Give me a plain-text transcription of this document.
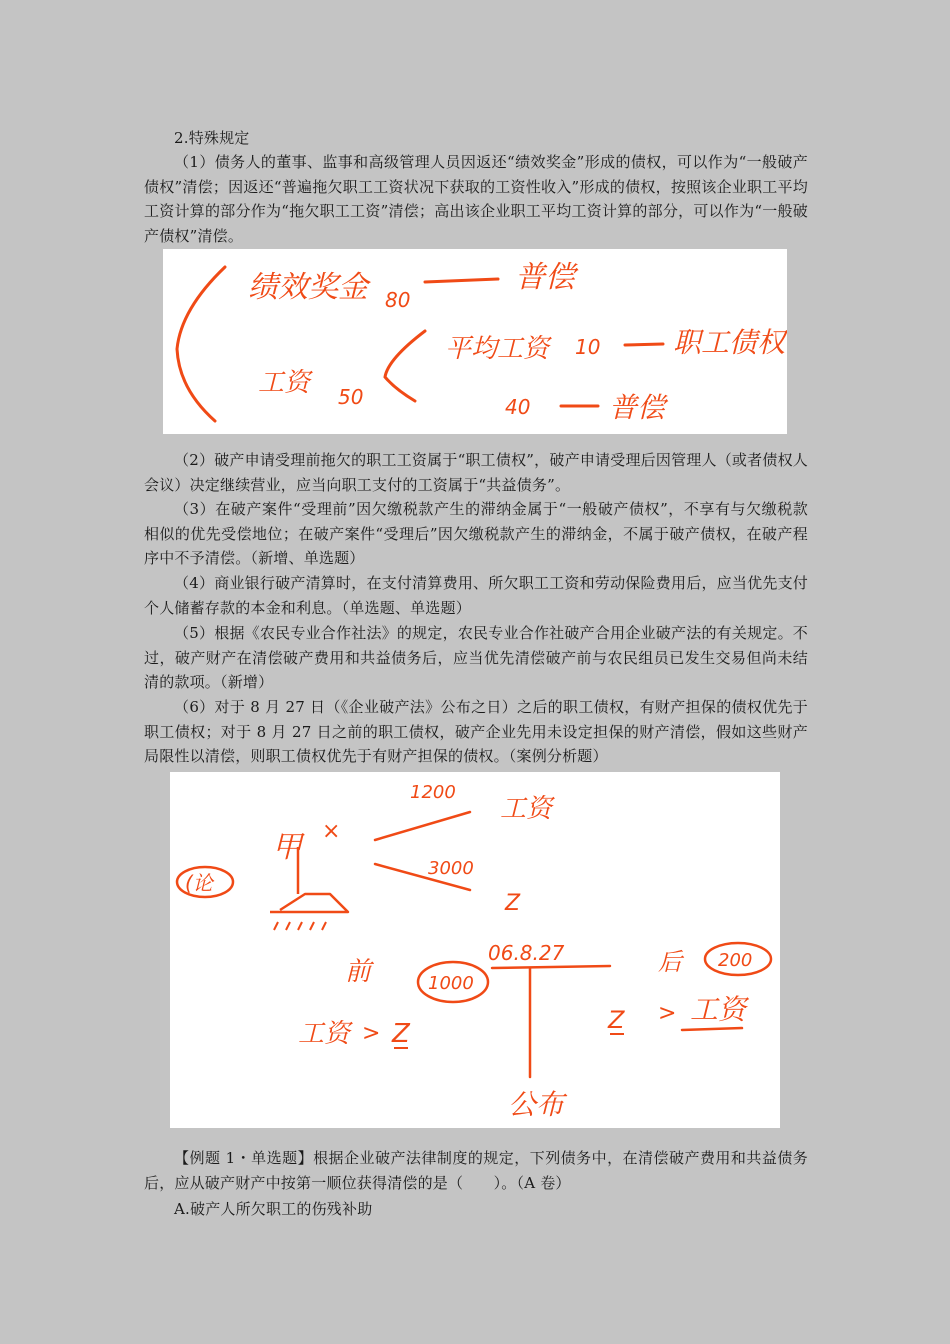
2.特殊规定
（1）债务人的董事、监事和高级管理人员因返还“绩效奖金”形成的债权，可以作为“一般破产债权”清偿；因返还“普遍拖欠职工工资状况下获取的工资性收入”形成的债权，按照该企业职工平均工资计算的部分作为“拖欠职工工资”清偿；高出该企业职工平均工资计算的部分，可以作为“一般破产债权”清偿。
绩效奖金 80
普偿
工资 50
平均工资 10	职工债权
40	普偿
（2）破产申请受理前拖欠的职工工资属于“职工债权”，破产申请受理后因管理人（或者债权人会议）决定继续营业，应当向职工支付的工资属于“共益债务”。
（3）在破产案件“受理前”因欠缴税款产生的滞纳金属于“一般破产债权”，不享有与欠缴税款相似的优先受偿地位；在破产案件“受理后”因欠缴税款产生的滞纳金，不属于破产债权，在破产程序中不予清偿。（新增、单选题）
（4）商业银行破产清算时，在支付清算费用、所欠职工工资和劳动保险费用后，应当优先支付个人储蓄存款的本金和利息。（单选题、单选题）
（5）根据《农民专业合作社法》的规定，农民专业合作社破产合用企业破产法的有关规定。不过，破产财产在清偿破产费用和共益债务后，应当优先清偿破产前与农民组员已发生交易但尚未结清的款项。（新增）
（6）对于 8 月 27 日（《企业破产法》公布之日）之后的职工债权，有财产担保的债权优先于职工债权；对于 8 月 27 日之前的职工债权，破产企业先用未设定担保的财产清偿，假如这些财产局限性以清偿，则职工债权优先于有财产担保的债权。（案例分析题）
(论
甲 ×
1200
工资
3000
Z
前	1000
06.8.27	后 200
工资 > Z	Z > 工资
公布
【例题 1・单选题】根据企业破产法律制度的规定，下列债务中，在清偿破产费用和共益债务后，应从破产财产中按第一顺位获得清偿的是（　　）。（A 卷）
A.破产人所欠职工的伤残补助
